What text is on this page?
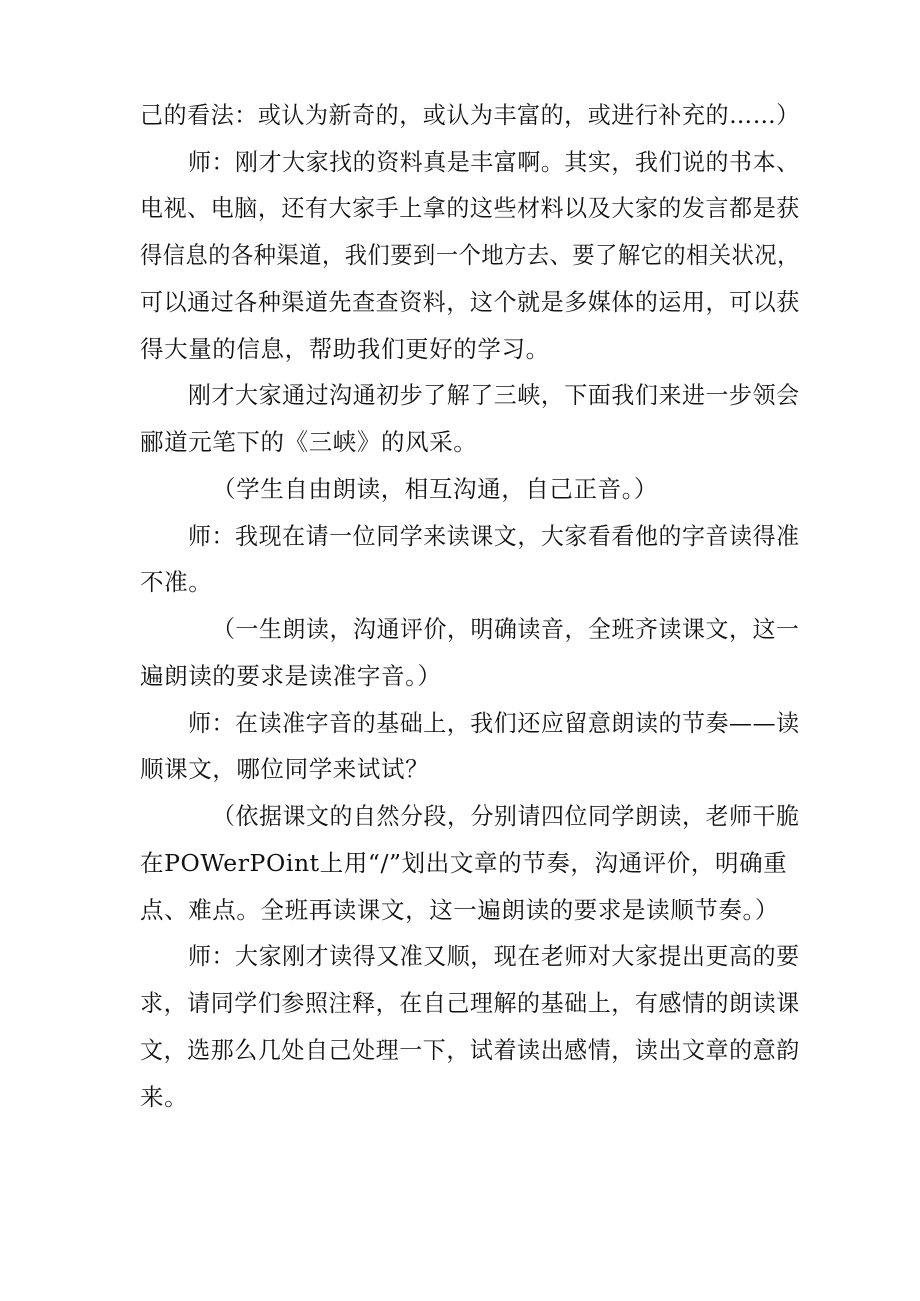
己的看法：或认为新奇的，或认为丰富的，或进行补充的……）
师：刚才大家找的资料真是丰富啊。其实，我们说的书本、
电视、电脑，还有大家手上拿的这些材料以及大家的发言都是获
得信息的各种渠道，我们要到一个地方去、要了解它的相关状况，
可以通过各种渠道先查查资料，这个就是多媒体的运用，可以获
得大量的信息，帮助我们更好的学习。
刚才大家通过沟通初步了解了三峡，下面我们来进一步领会
郦道元笔下的《三峡》的风采。
（学生自由朗读，相互沟通，自己正音。）
师：我现在请一位同学来读课文，大家看看他的字音读得准
不准。
（一生朗读，沟通评价，明确读音，全班齐读课文，这一
遍朗读的要求是读准字音。）
师：在读准字音的基础上，我们还应留意朗读的节奏——读
顺课文，哪位同学来试试？
（依据课文的自然分段，分别请四位同学朗读，老师干脆
在POWerPOint上用“/”划出文章的节奏，沟通评价，明确重
点、难点。全班再读课文，这一遍朗读的要求是读顺节奏。）
师：大家刚才读得又准又顺，现在老师对大家提出更高的要
求，请同学们参照注释，在自己理解的基础上，有感情的朗读课
文，选那么几处自己处理一下，试着读出感情，读出文章的意韵
来。
